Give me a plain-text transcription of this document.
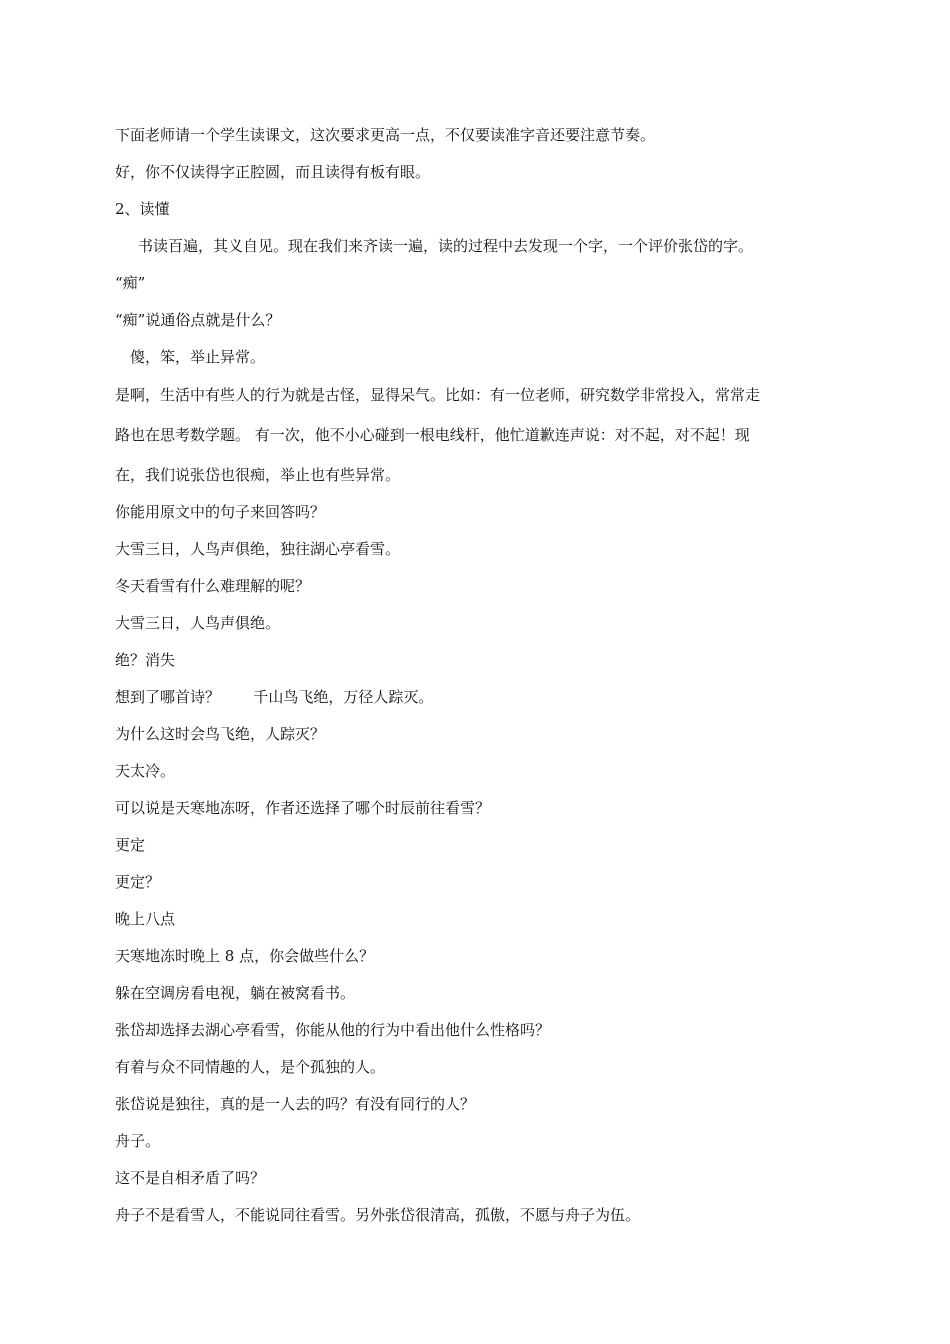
下面老师请一个学生读课文，这次要求更高一点，不仅要读准字音还要注意节奏。
好，你不仅读得字正腔圆，而且读得有板有眼。
2、读懂
书读百遍，其义自见。现在我们来齐读一遍，读的过程中去发现一个字，一个评价张岱的字。
“痴”
“痴”说通俗点就是什么？
傻，笨，举止异常。
是啊，生活中有些人的行为就是古怪，显得呆气。比如：有一位老师，研究数学非常投入，常常走
路也在思考数学题。 有一次，他不小心碰到一根电线杆，他忙道歉连声说：对不起，对不起！现
在，我们说张岱也很痴，举止也有些异常。
你能用原文中的句子来回答吗？
大雪三日，人鸟声俱绝，独往湖心亭看雪。
冬天看雪有什么难理解的呢？
大雪三日，人鸟声俱绝。
绝？消失
想到了哪首诗？       千山鸟飞绝，万径人踪灭。
为什么这时会鸟飞绝，人踪灭？
天太冷。
可以说是天寒地冻呀，作者还选择了哪个时辰前往看雪？
更定
更定？
晚上八点
天寒地冻时晚上 8 点，你会做些什么？
躲在空调房看电视，躺在被窝看书。
张岱却选择去湖心亭看雪，你能从他的行为中看出他什么性格吗？
有着与众不同情趣的人，是个孤独的人。
张岱说是独往，真的是一人去的吗？有没有同行的人？
舟子。
这不是自相矛盾了吗？
舟子不是看雪人，不能说同往看雪。另外张岱很清高，孤傲，不愿与舟子为伍。
